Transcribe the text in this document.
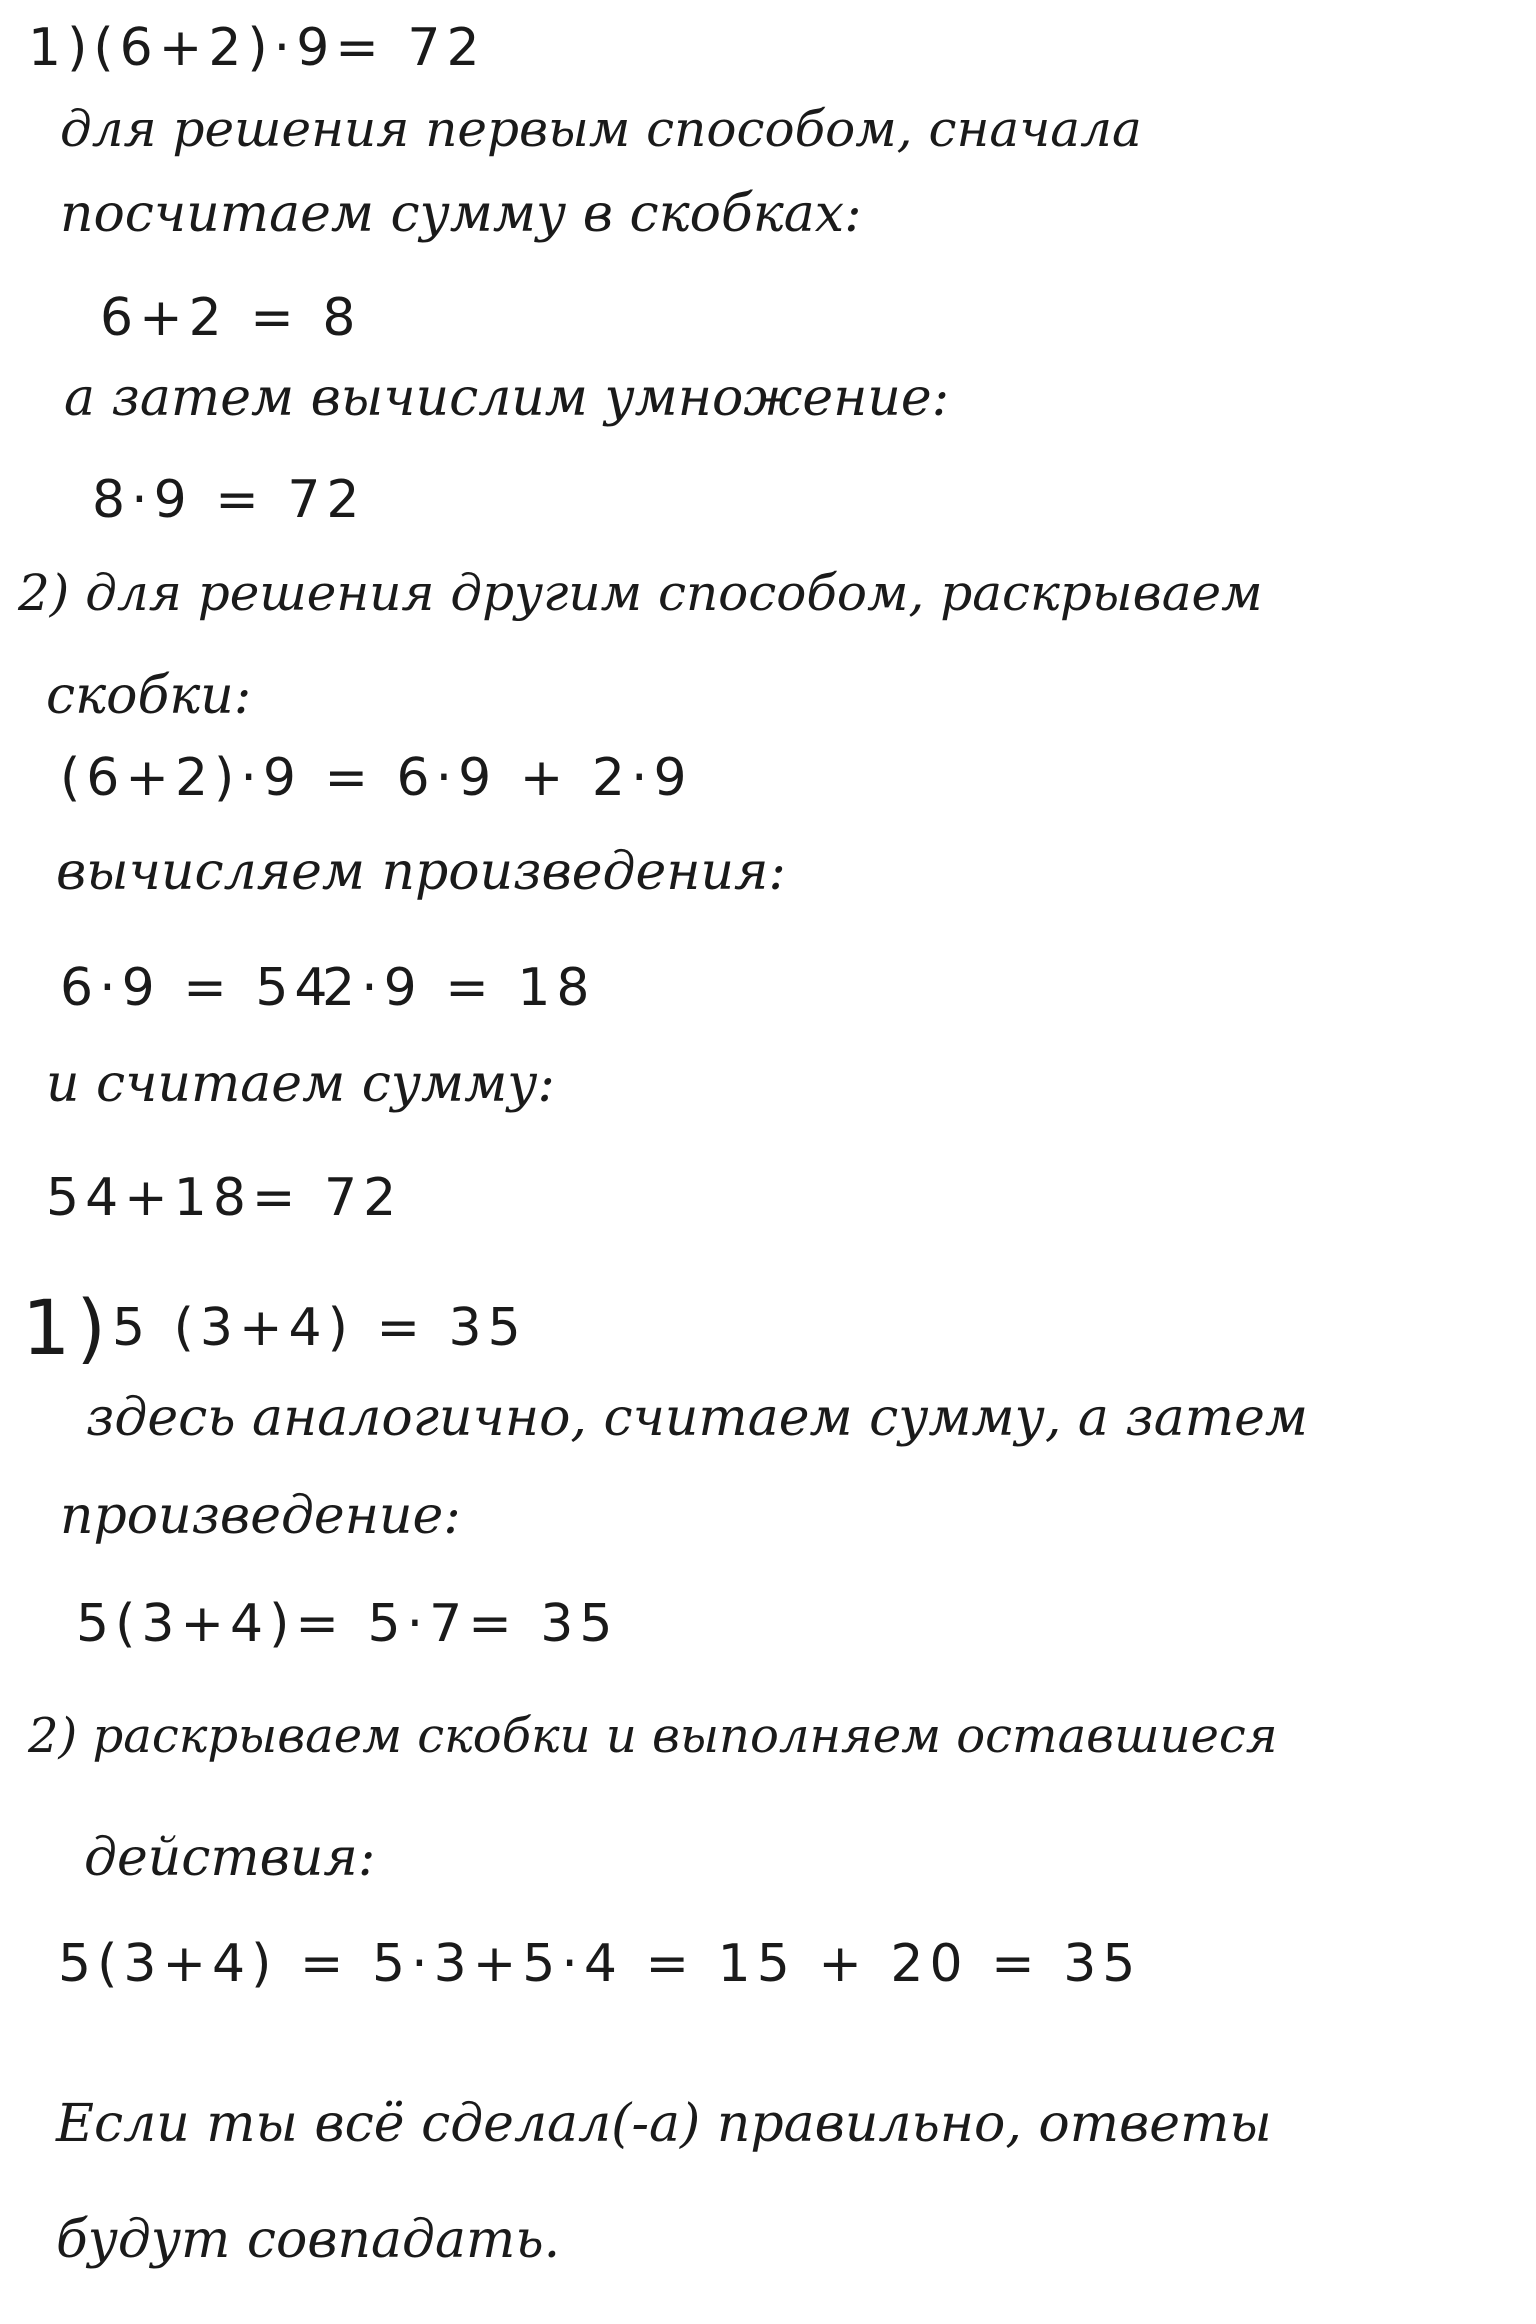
1)(6+2)·9= 72
для решения первым способом, сначала
посчитаем сумму в скобках:
6+2 = 8
а затем вычислим умножение:
8·9 = 72
2) для решения другим способом, раскрываем
скобки:
(6+2)·9 = 6·9 + 2·9
вычисляем произведения:
6·9 = 54
2·9 = 18
и считаем сумму:
54+18= 72
1) 5 (3+4) = 35
здесь аналогично, считаем сумму, а затем
произведение:
5(3+4)= 5·7= 35
2) раскрываем скобки и выполняем оставшиеся
действия:
5(3+4) = 5·3+5·4 = 15 + 20 = 35
Если ты всё сделал(-а) правильно, ответы
будут совпадать.
